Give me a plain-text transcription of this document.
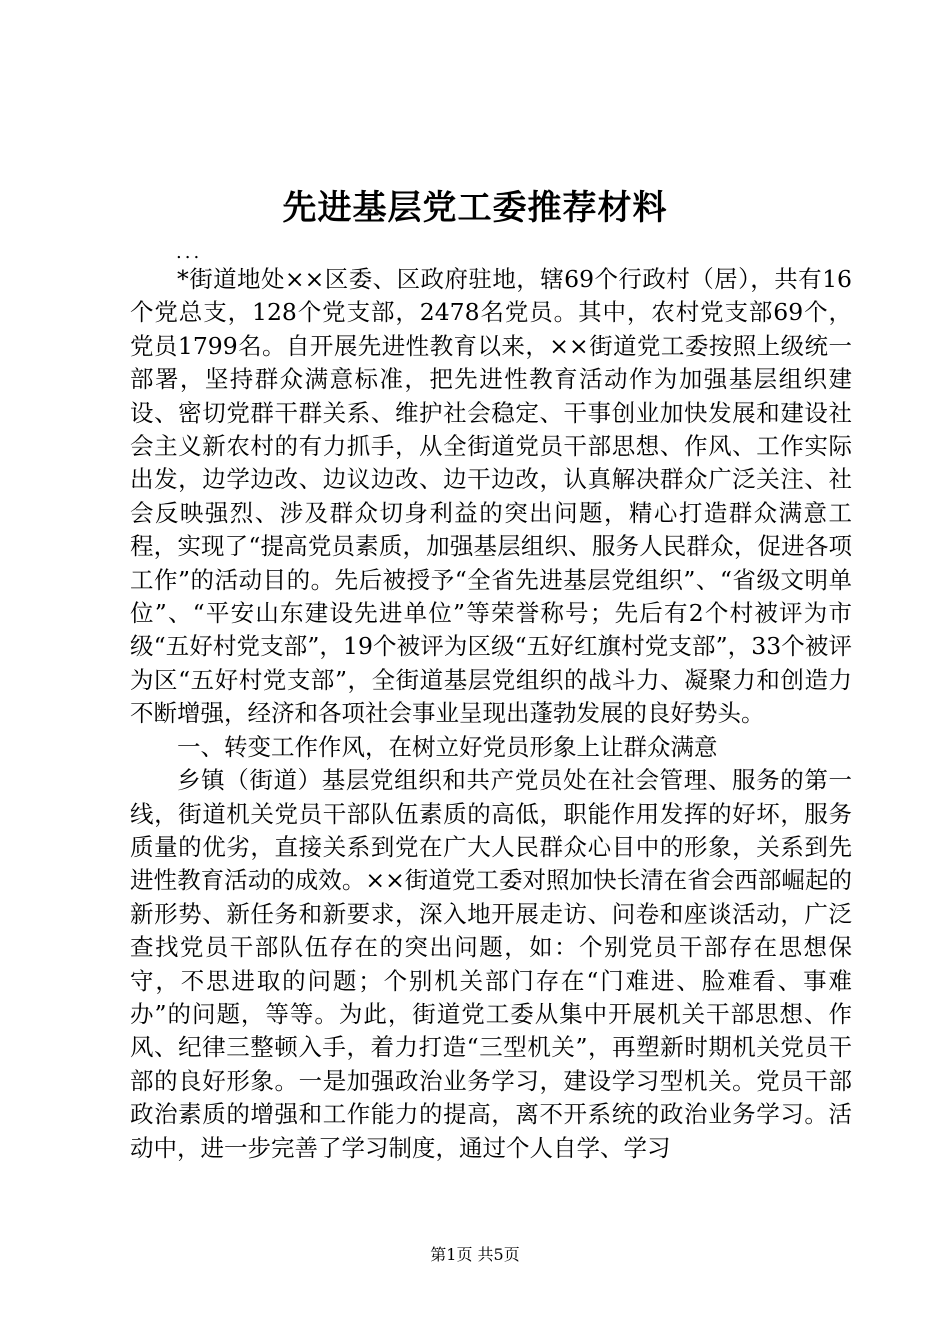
先进基层党工委推荐材料
...

*街道地处××区委、区政府驻地，辖69个行政村（居），共有16个党总支，128个党支部，2478名党员。其中，农村党支部69个，党员1799名。自开展先进性教育以来，××街道党工委按照上级统一部署，坚持群众满意标准，把先进性教育活动作为加强基层组织建设、密切党群干群关系、维护社会稳定、干事创业加快发展和建设社会主义新农村的有力抓手，从全街道党员干部思想、作风、工作实际出发，边学边改、边议边改、边干边改，认真解决群众广泛关注、社会反映强烈、涉及群众切身利益的突出问题，精心打造群众满意工程，实现了“提高党员素质，加强基层组织、服务人民群众，促进各项工作”的活动目的。先后被授予“全省先进基层党组织”、“省级文明单位”、“平安山东建设先进单位”等荣誉称号；先后有2个村被评为市级“五好村党支部”，19个被评为区级“五好红旗村党支部”，33个被评为区“五好村党支部”，全街道基层党组织的战斗力、凝聚力和创造力不断增强，经济和各项社会事业呈现出蓬勃发展的良好势头。

一、转变工作作风，在树立好党员形象上让群众满意

乡镇（街道）基层党组织和共产党员处在社会管理、服务的第一线，街道机关党员干部队伍素质的高低，职能作用发挥的好坏，服务质量的优劣，直接关系到党在广大人民群众心目中的形象，关系到先进性教育活动的成效。××街道党工委对照加快长清在省会西部崛起的新形势、新任务和新要求，深入地开展走访、问卷和座谈活动，广泛查找党员干部队伍存在的突出问题，如：个别党员干部存在思想保守，不思进取的问题；个别机关部门存在“门难进、脸难看、事难办”的问题，等等。为此，街道党工委从集中开展机关干部思想、作风、纪律三整顿入手，着力打造“三型机关”，再塑新时期机关党员干部的良好形象。一是加强政治业务学习，建设学习型机关。党员干部政治素质的增强和工作能力的提高，离不开系统的政治业务学习。活动中，进一步完善了学习制度，通过个人自学、学习

第1页 共5页
